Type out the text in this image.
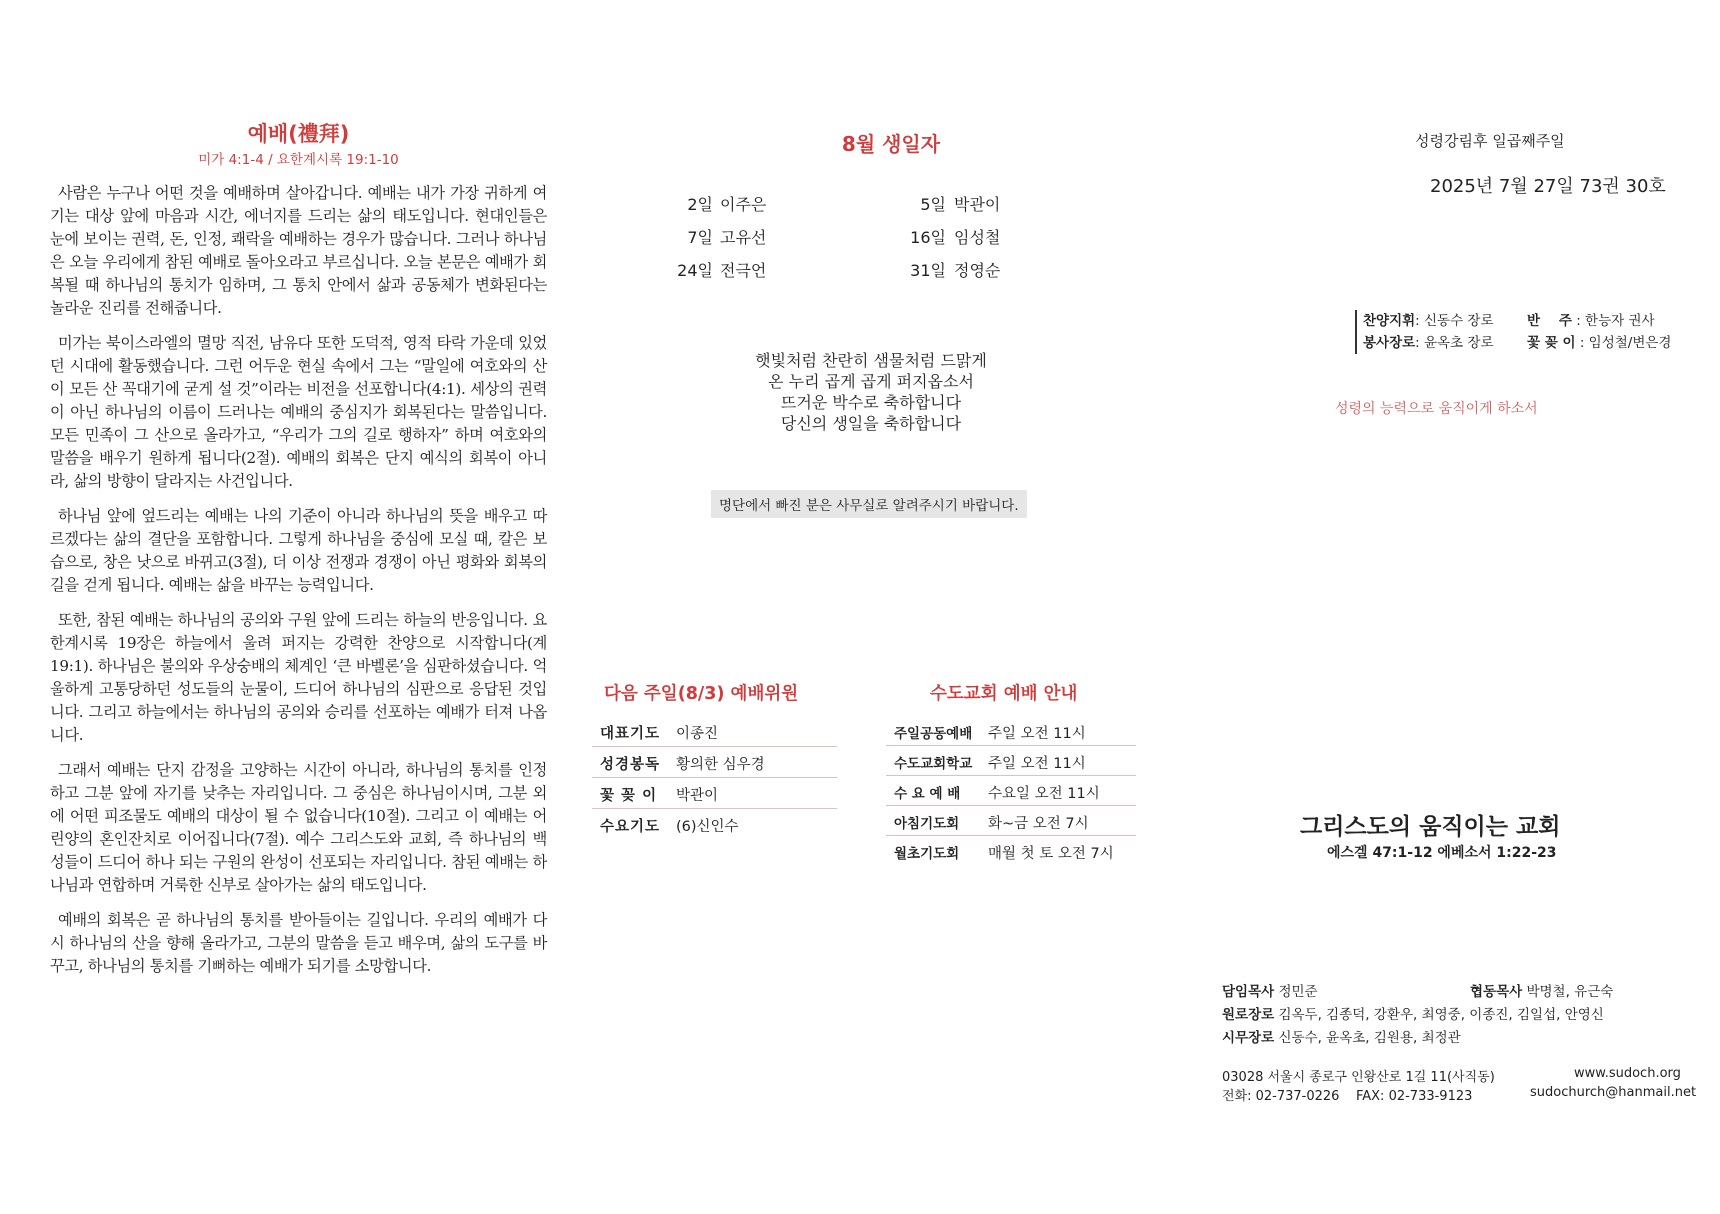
예배(禮拜)
미가 4:1-4 / 요한계시록 19:1-10

사람은 누구나 어떤 것을 예배하며 살아갑니다. 예배는 내가 가장 귀하게 여기는 대상 앞에 마음과 시간, 에너지를 드리는 삶의 태도입니다. 현대인들은 눈에 보이는 권력, 돈, 인정, 쾌락을 예배하는 경우가 많습니다. 그러나 하나님은 오늘 우리에게 참된 예배로 돌아오라고 부르십니다. 오늘 본문은 예배가 회복될 때 하나님의 통치가 임하며, 그 통치 안에서 삶과 공동체가 변화된다는 놀라운 진리를 전해줍니다.

미가는 북이스라엘의 멸망 직전, 남유다 또한 도덕적, 영적 타락 가운데 있었던 시대에 활동했습니다. 그런 어두운 현실 속에서 그는 “말일에 여호와의 산이 모든 산 꼭대기에 굳게 설 것”이라는 비전을 선포합니다(4:1). 세상의 권력이 아닌 하나님의 이름이 드러나는 예배의 중심지가 회복된다는 말씀입니다. 모든 민족이 그 산으로 올라가고, “우리가 그의 길로 행하자” 하며 여호와의 말씀을 배우기 원하게 됩니다(2절). 예배의 회복은 단지 예식의 회복이 아니라, 삶의 방향이 달라지는 사건입니다.

하나님 앞에 엎드리는 예배는 나의 기준이 아니라 하나님의 뜻을 배우고 따르겠다는 삶의 결단을 포함합니다. 그렇게 하나님을 중심에 모실 때, 칼은 보습으로, 창은 낫으로 바뀌고(3절), 더 이상 전쟁과 경쟁이 아닌 평화와 회복의 길을 걷게 됩니다. 예배는 삶을 바꾸는 능력입니다.

또한, 참된 예배는 하나님의 공의와 구원 앞에 드리는 하늘의 반응입니다. 요한계시록 19장은 하늘에서 울려 퍼지는 강력한 찬양으로 시작합니다(계19:1). 하나님은 불의와 우상숭배의 체계인 ‘큰 바벨론’을 심판하셨습니다. 억울하게 고통당하던 성도들의 눈물이, 드디어 하나님의 심판으로 응답된 것입니다. 그리고 하늘에서는 하나님의 공의와 승리를 선포하는 예배가 터져 나옵니다.

그래서 예배는 단지 감정을 고양하는 시간이 아니라, 하나님의 통치를 인정하고 그분 앞에 자기를 낮추는 자리입니다. 그 중심은 하나님이시며, 그분 외에 어떤 피조물도 예배의 대상이 될 수 없습니다(10절). 그리고 이 예배는 어린양의 혼인잔치로 이어집니다(7절). 예수 그리스도와 교회, 즉 하나님의 백성들이 드디어 하나 되는 구원의 완성이 선포되는 자리입니다. 참된 예배는 하나님과 연합하며 거룩한 신부로 살아가는 삶의 태도입니다.

예배의 회복은 곧 하나님의 통치를 받아들이는 길입니다. 우리의 예배가 다시 하나님의 산을 향해 올라가고, 그분의 말씀을 듣고 배우며, 삶의 도구를 바꾸고, 하나님의 통치를 기뻐하는 예배가 되기를 소망합니다.

8월 생일자
2일 이주은	5일 박관이
7일 고유선	16일 임성철
24일 전극언	31일 정영순
햇빛처럼 찬란히 샘물처럼 드맑게
온 누리 곱게 곱게 퍼지옵소서
뜨거운 박수로 축하합니다
당신의 생일을 축하합니다
명단에서 빠진 분은 사무실로 알려주시기 바랍니다.
다음 주일(8/3) 예배위원
대표기도 이종진
성경봉독 황의한 심우경
꽃 꽂 이 박관이
수요기도 (6)신인수
수도교회 예배 안내
주일공동예배 주일 오전 11시
수도교회학교 주일 오전 11시
수 요 예 배 수요일 오전 11시
아침기도회 화~금 오전 7시
월초기도회 매월 첫 토 오전 7시
성령강림후 일곱째주일
2025년 7월 27일 73권 30호
찬양지휘: 신동수 장로 반    주 : 한능자 권사
봉사장로: 윤옥초 장로 꽃 꽂 이 : 임성철/변은경
성령의 능력으로 움직이게 하소서
그리스도의 움직이는 교회
에스겔 47:1-12 에베소서 1:22-23
담임목사 정민준	협동목사 박명철, 유근숙
원로장로 김옥두, 김종덕, 강환우, 최영중, 이종진, 김일섭, 안영신
시무장로 신동수, 윤옥초, 김원용, 최정관
03028 서울시 종로구 인왕산로 1길 11(사직동)	www.sudoch.org
전화: 02-737-0226    FAX: 02-733-9123	sudochurch@hanmail.net
